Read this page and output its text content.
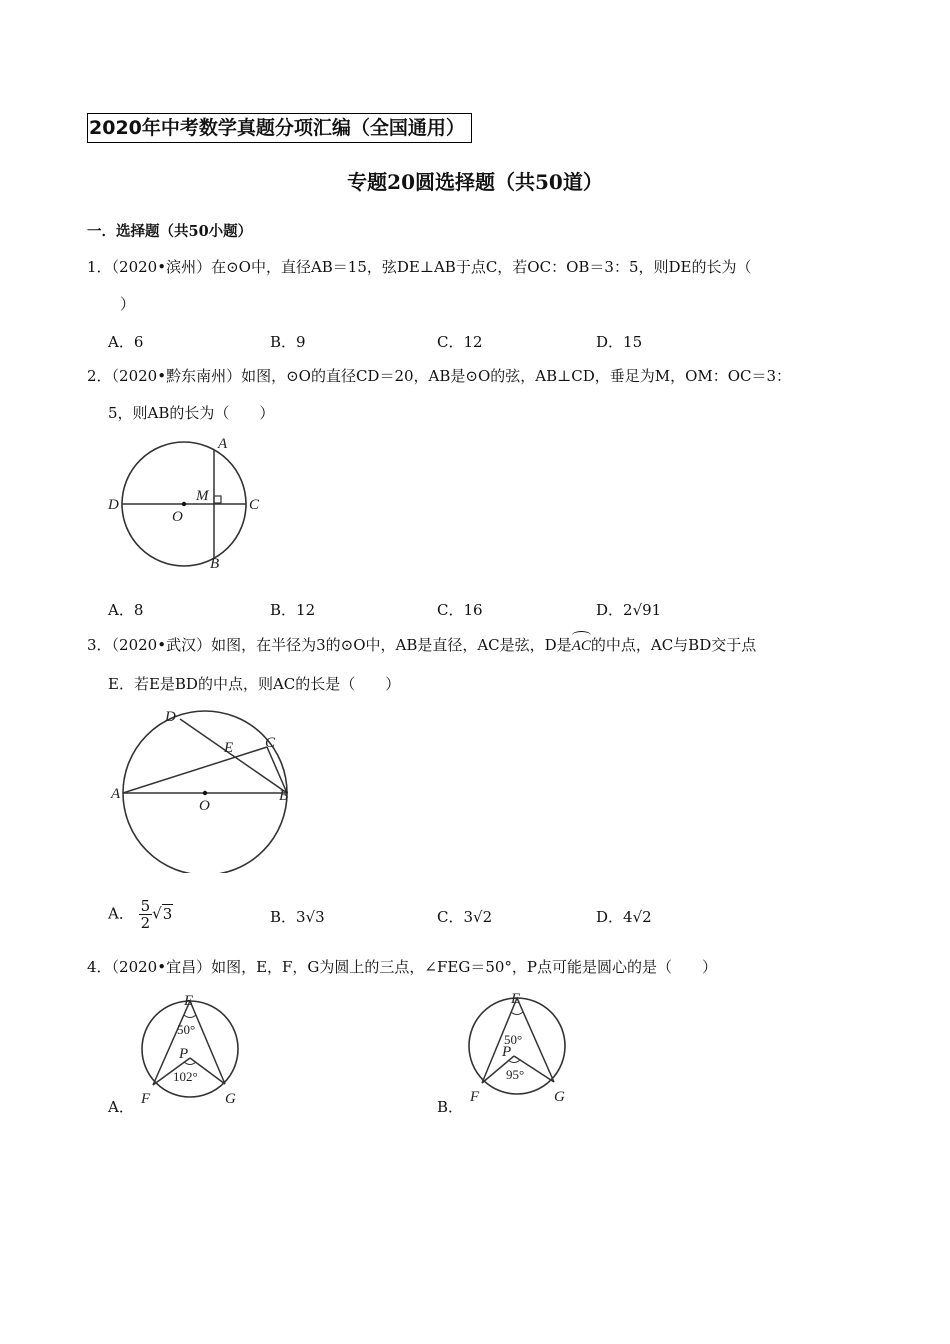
2020年中考数学真题分项汇编（全国通用）
专题20圆选择题（共50道）
一．选择题（共50小题）
1．（2020•滨州）在⊙O中，直径AB＝15，弦DE⊥AB于点C，若OC：OB＝3：5，则DE的长为（
）
A．6	B．9	C．12	D．15
2．（2020•黔东南州）如图，⊙O的直径CD＝20，AB是⊙O的弦，AB⊥CD，垂足为M，OM：OC＝3：
5，则AB的长为（　　）
A
B
C
D
M
O
A．8	B．12	C．16	D．2√91
3．（2020•武汉）如图，在半径为3的⊙O中，AB是直径，AC是弦，D是AC的中点，AC与BD交于点
E．若E是BD的中点，则AC的长是（　　）
D
C
E
A
O
B
A． $\frac{5}{2} √3$	B．3√3	C．3√2	D．4√2
4．（2020•宜昌）如图，E，F，G为圆上的三点，∠FEG＝50°，P点可能是圆心的是（　　）
A．
E
50°
P
102°
F	G	B．
E
50°
P
95°
F	G
